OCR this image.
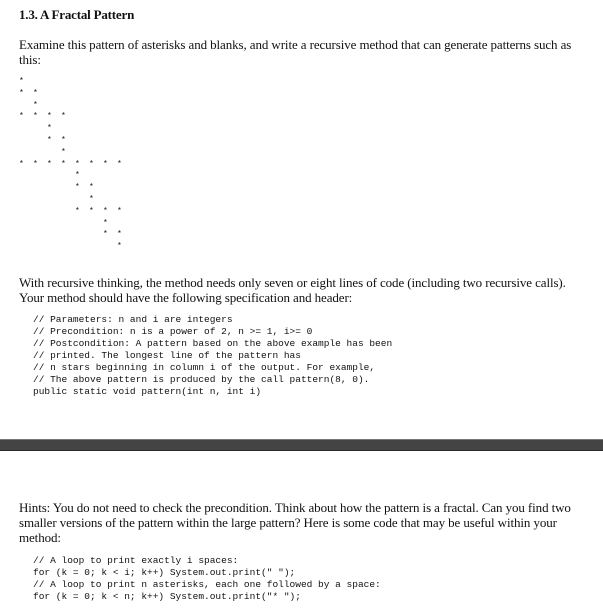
1.3. A Fractal Pattern
Examine this pattern of asterisks and blanks, and write a recursive method that can generate patterns such as this:
*
* *
*
* * * *
*
* *
*
* * * * * * * *
*
* *
*
* * * *
*
* *
*
With recursive thinking, the method needs only seven or eight lines of code (including two recursive calls). Your method should have the following specification and header:
// Parameters: n and i are integers
// Precondition: n is a power of 2, n >= 1, i>= 0
// Postcondition: A pattern based on the above example has been
// printed. The longest line of the pattern has
// n stars beginning in column i of the output. For example,
// The above pattern is produced by the call pattern(8, 0).
public static void pattern(int n, int i)
Hints: You do not need to check the precondition. Think about how the pattern is a fractal. Can you find two smaller versions of the pattern within the large pattern? Here is some code that may be useful within your method:
// A loop to print exactly i spaces:
for (k = 0; k < i; k++) System.out.print(" ");
// A loop to print n asterisks, each one followed by a space:
for (k = 0; k < n; k++) System.out.print("* ");
